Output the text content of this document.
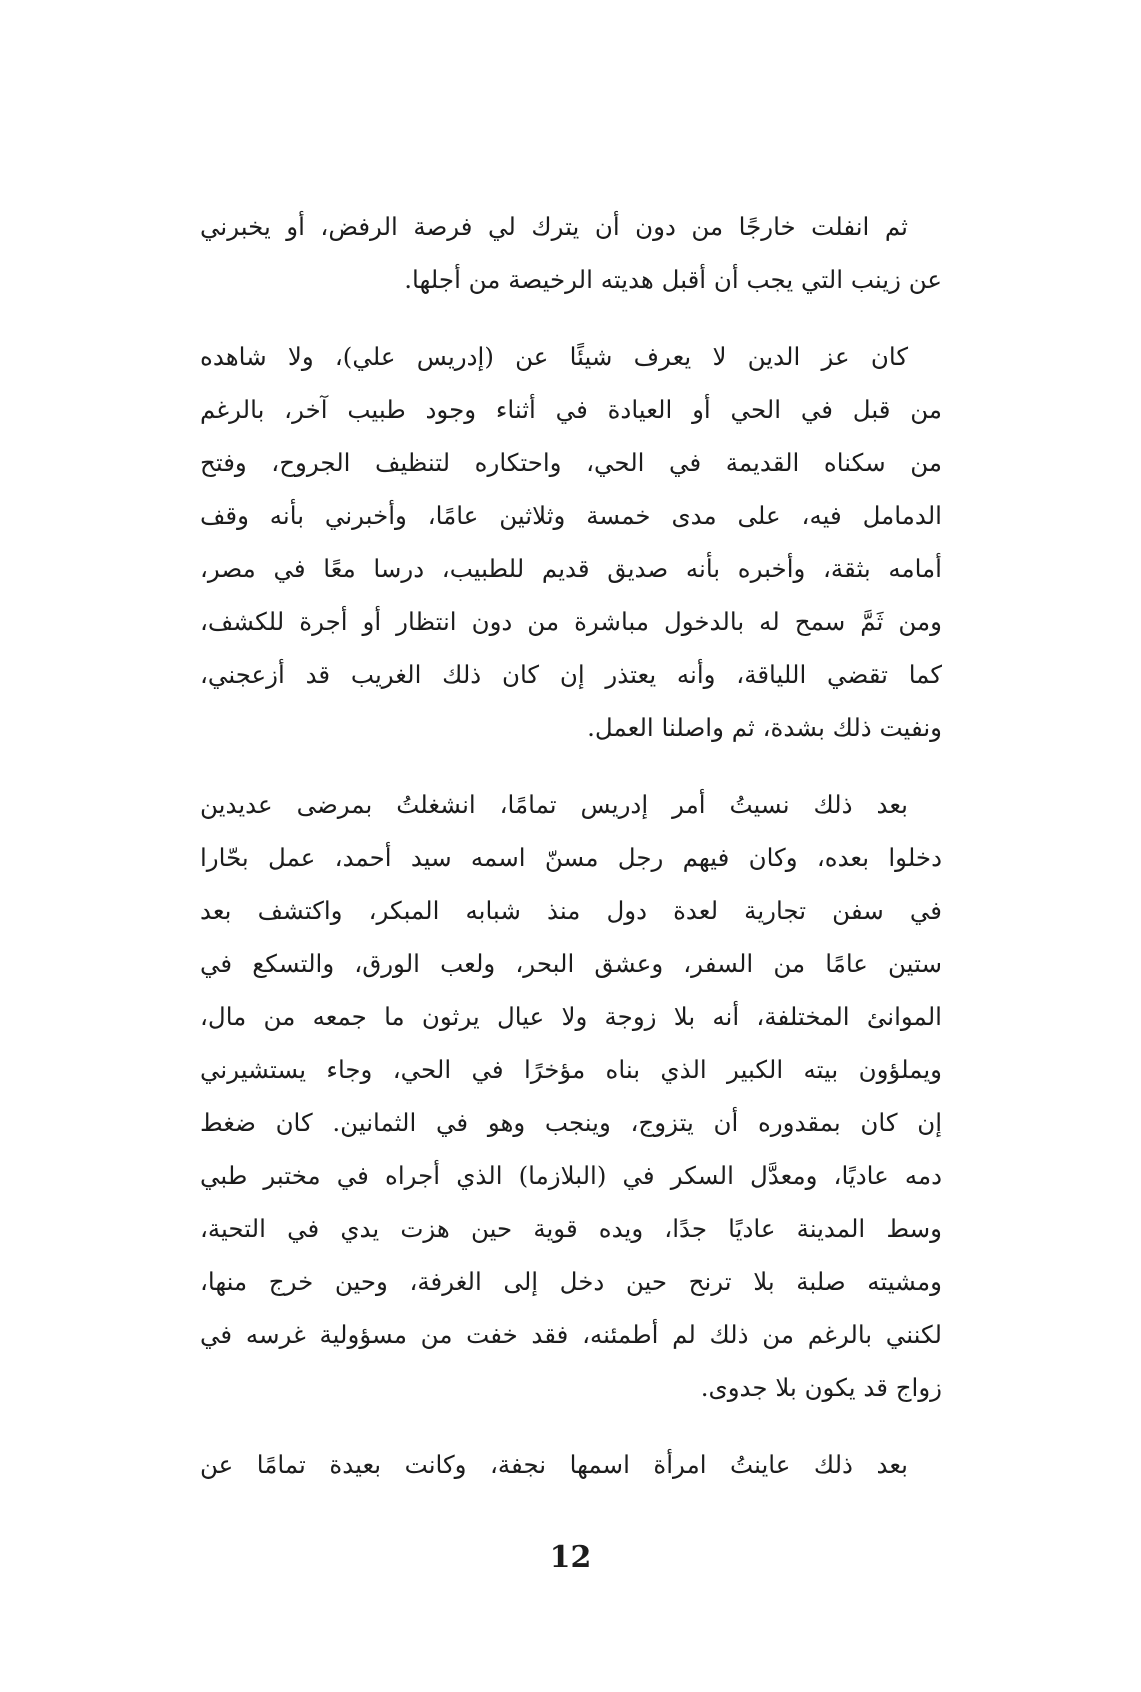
ثم انفلت خارجًا من دون أن يترك لي فرصة الرفض، أو يخبرني
عن زينب التي يجب أن أقبل هديته الرخيصة من أجلها.
كان عز الدين لا يعرف شيئًا عن (إدريس علي)، ولا شاهده
من قبل في الحي أو العيادة في أثناء وجود طبيب آخر، بالرغم
من سكناه القديمة في الحي، واحتكاره لتنظيف الجروح، وفتح
الدمامل فيه، على مدى خمسة وثلاثين عامًا، وأخبرني بأنه وقف
أمامه بثقة، وأخبره بأنه صديق قديم للطبيب، درسا معًا في مصر،
ومن ثَمَّ سمح له بالدخول مباشرة من دون انتظار أو أجرة للكشف،
كما تقضي اللياقة، وأنه يعتذر إن كان ذلك الغريب قد أزعجني،
ونفيت ذلك بشدة، ثم واصلنا العمل.
بعد ذلك نسيتُ أمر إدريس تمامًا، انشغلتُ بمرضى عديدين
دخلوا بعده، وكان فيهم رجل مسنّ اسمه سيد أحمد، عمل بحّارا
في سفن تجارية لعدة دول منذ شبابه المبكر، واكتشف بعد
ستين عامًا من السفر، وعشق البحر، ولعب الورق، والتسكع في
الموانئ المختلفة، أنه بلا زوجة ولا عيال يرثون ما جمعه من مال،
ويملؤون بيته الكبير الذي بناه مؤخرًا في الحي، وجاء يستشيرني
إن كان بمقدوره أن يتزوج، وينجب وهو في الثمانين. كان ضغط
دمه عاديًا، ومعدَّل السكر في (البلازما) الذي أجراه في مختبر طبي
وسط المدينة عاديًا جدًا، ويده قوية حين هزت يدي في التحية،
ومشيته صلبة بلا ترنح حين دخل إلى الغرفة، وحين خرج منها،
لكنني بالرغم من ذلك لم أطمئنه، فقد خفت من مسؤولية غرسه في
زواج قد يكون بلا جدوى.
بعد ذلك عاينتُ امرأة اسمها نجفة، وكانت بعيدة تمامًا عن
12
